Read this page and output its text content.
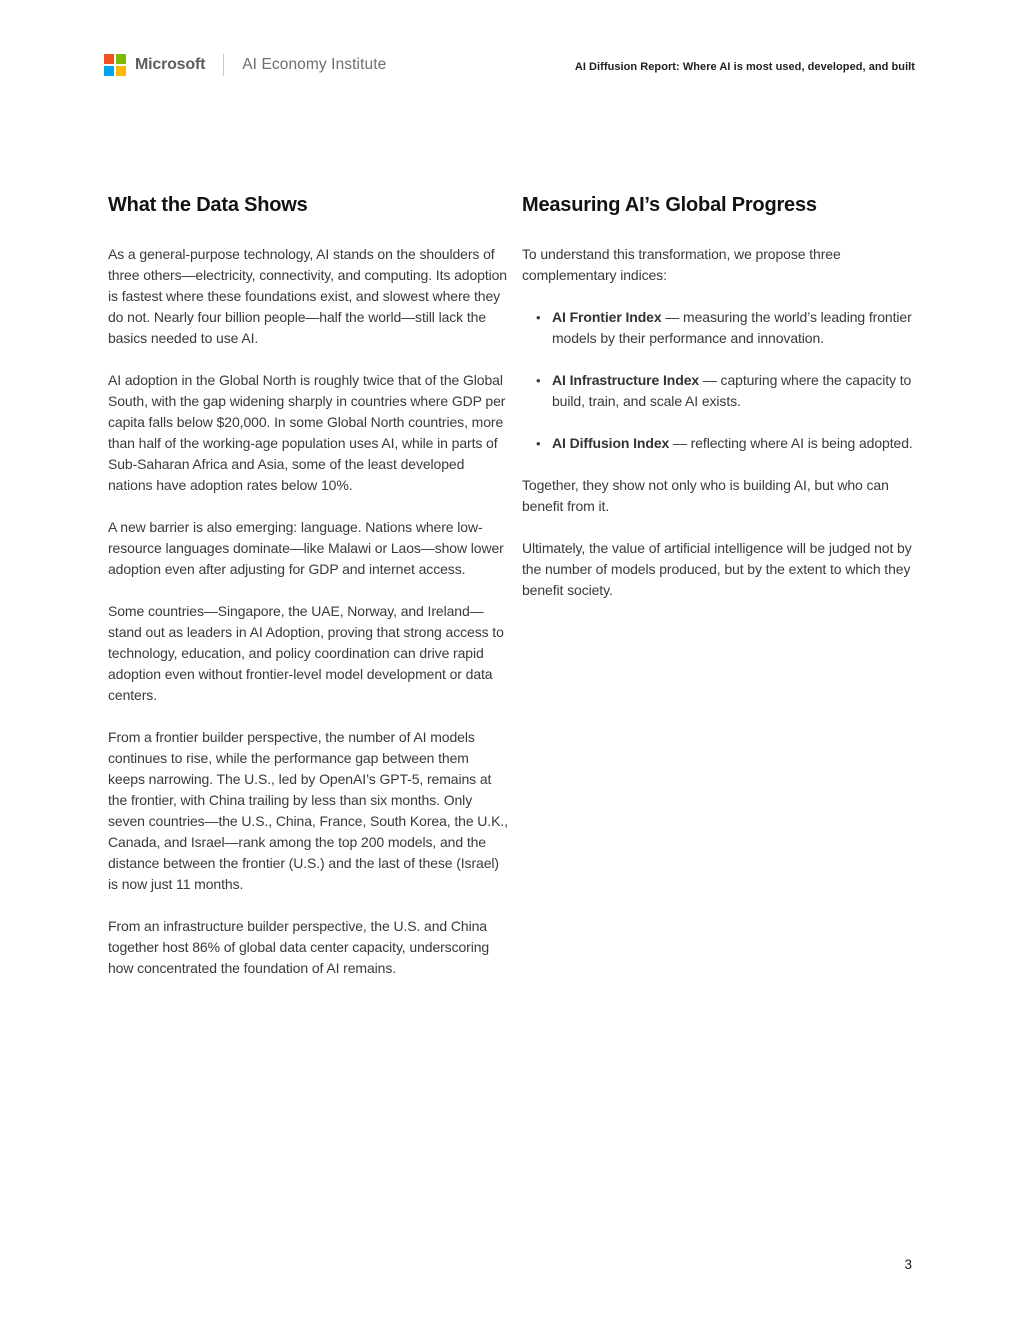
Microsoft AI Economy Institute	AI Diffusion Report: Where AI is most used, developed, and built
What the Data Shows

As a general-purpose technology, AI stands on the shoulders of three others—electricity, connectivity, and computing. Its adoption is fastest where these foundations exist, and slowest where they do not. Nearly four billion people—half the world—still lack the basics needed to use AI.

AI adoption in the Global North is roughly twice that of the Global South, with the gap widening sharply in countries where GDP per capita falls below $20,000. In some Global North countries, more than half of the working-age population uses AI, while in parts of Sub-Saharan Africa and Asia, some of the least developed nations have adoption rates below 10%.

A new barrier is also emerging: language. Nations where low-resource languages dominate—like Malawi or Laos—show lower adoption even after adjusting for GDP and internet access.

Some countries—Singapore, the UAE, Norway, and Ireland—stand out as leaders in AI Adoption, proving that strong access to technology, education, and policy coordination can drive rapid adoption even without frontier-level model development or data centers.

From a frontier builder perspective, the number of AI models continues to rise, while the performance gap between them keeps narrowing. The U.S., led by OpenAI’s GPT-5, remains at the frontier, with China trailing by less than six months. Only seven countries—the U.S., China, France, South Korea, the U.K., Canada, and Israel—rank among the top 200 models, and the distance between the frontier (U.S.) and the last of these (Israel) is now just 11 months.

From an infrastructure builder perspective, the U.S. and China together host 86% of global data center capacity, underscoring how concentrated the foundation of AI remains.

Measuring AI’s Global Progress

To understand this transformation, we propose three complementary indices:

• AI Frontier Index — measuring the world’s leading frontier models by their performance and innovation.
• AI Infrastructure Index — capturing where the capacity to build, train, and scale AI exists.
• AI Diffusion Index — reflecting where AI is being adopted.

Together, they show not only who is building AI, but who can benefit from it.

Ultimately, the value of artificial intelligence will be judged not by the number of models produced, but by the extent to which they benefit society.

3
